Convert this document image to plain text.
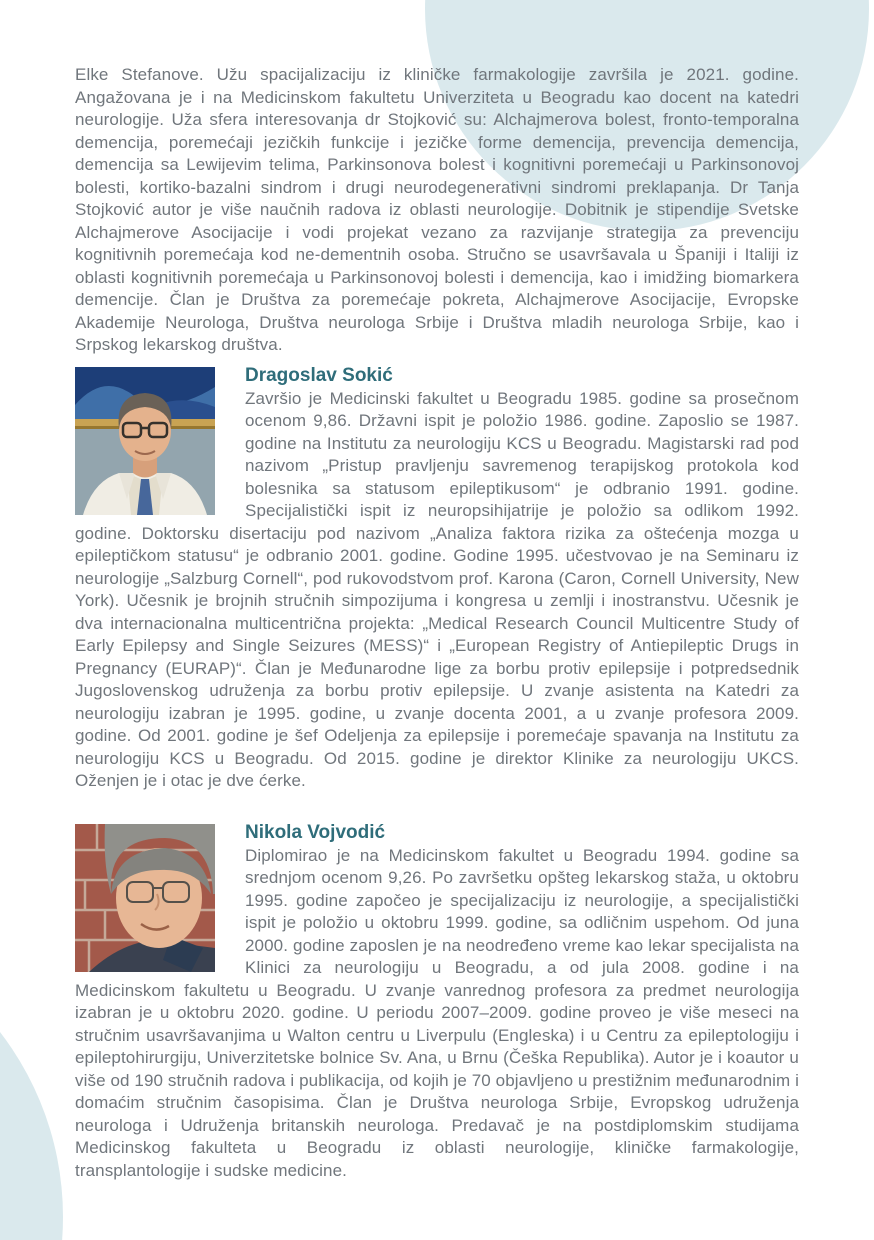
Elke Stefanove. Užu spacijalizaciju iz kliničke farmakologije završila je 2021. godine. Angažovana je i na Medicinskom fakultetu Univerziteta u Beogradu kao docent na katedri neurologije. Uža sfera interesovanja dr Stojković su: Alchajmerova bolest, fronto-temporalna demencija, poremećaji jezičkih funkcije i jezičke forme demencija, prevencija demencija, demencija sa Lewijevim telima, Parkinsonova bolest i kognitivni poremećaji u Parkinsonovoj bolesti, kortiko-bazalni sindrom i drugi neurodegenerativni sindromi preklapanja. Dr Tanja Stojković autor je više naučnih radova iz oblasti neurologije. Dobitnik je stipendije Svetske Alchajmerove Asocijacije i vodi projekat vezano za razvijanje strategija za prevenciju kognitivnih poremećaja kod ne-dementnih osoba. Stručno se usavršavala u Španiji i Italiji iz oblasti kognitivnih poremećaja u Parkinsonovoj bolesti i demencija, kao i imidžing biomarkera demencije. Član je Društva za poremećaje pokreta, Alchajmerove Asocijacije, Evropske Akademije Neurologa, Društva neurologa Srbije i Društva mladih neurologa Srbije, kao i Srpskog lekarskog društva.

Dragoslav Sokić

Završio je Medicinski fakultet u Beogradu 1985. godine sa prosečnom ocenom 9,86. Državni ispit je položio 1986. godine. Zaposlio se 1987. godine na Institutu za neurologiju KCS u Beogradu. Magistarski rad pod nazivom „Pristup pravljenju savremenog terapijskog protokola kod bolesnika sa statusom epileptikusom“ je odbranio 1991. godine. Specijalistički ispit iz neuropsihijatrije je položio sa odlikom 1992. godine. Doktorsku disertaciju pod nazivom „Analiza faktora rizika za oštećenja mozga u epileptičkom statusu“ je odbranio 2001. godine. Godine 1995. učestvovao je na Seminaru iz neurologije „Salzburg Cornell“, pod rukovodstvom prof. Karona (Caron, Cornell University, New York). Učesnik je brojnih stručnih simpozijuma i kongresa u zemlji i inostranstvu. Učesnik je dva internacionalna multicentrična projekta: „Medical Research Council Multicentre Study of Early Epilepsy and Single Seizures (MESS)“ i „European Registry of Antiepileptic Drugs in Pregnancy (EURAP)“. Član je Međunarodne lige za borbu protiv epilepsije i potpredsednik Jugoslovenskog udruženja za borbu protiv epilepsije. U zvanje asistenta na Katedri za neurologiju izabran je 1995. godine, u zvanje docenta 2001, a u zvanje profesora 2009. godine. Od 2001. godine je šef Odeljenja za epilepsije i poremećaje spavanja na Institutu za neurologiju KCS u Beogradu. Od 2015. godine je direktor Klinike za neurologiju UKCS. Oženjen je i otac je dve ćerke.

Nikola Vojvodić

Diplomirao je na Medicinskom fakultet u Beogradu 1994. godine sa srednjom ocenom 9,26. Po završetku opšteg lekarskog staža, u oktobru 1995. godine započeo je specijalizaciju iz neurologije, a specijalistički ispit je položio u oktobru 1999. godine, sa odličnim uspehom. Od juna 2000. godine zaposlen je na neodređeno vreme kao lekar specijalista na Klinici za neurologiju u Beogradu, a od jula 2008. godine i na Medicinskom fakultetu u Beogradu. U zvanje vanrednog profesora za predmet neurologija izabran je u oktobru 2020. godine. U periodu 2007–2009. godine proveo je više meseci na stručnim usavršavanjima u Walton centru u Liverpulu (Engleska) i u Centru za epileptologiju i epileptohirurgiju, Univerzitetske bolnice Sv. Ana, u Brnu (Češka Republika). Autor je i koautor u više od 190 stručnih radova i publikacija, od kojih je 70 objavljeno u prestižnim međunarodnim i domaćim stručnim časopisima. Član je Društva neurologa Srbije, Evropskog udruženja neurologa i Udruženja britanskih neurologa. Predavač je na postdiplomskim studijama Medicinskog fakulteta u Beogradu iz oblasti neurologije, kliničke farmakologije, transplantologije i sudske medicine.
